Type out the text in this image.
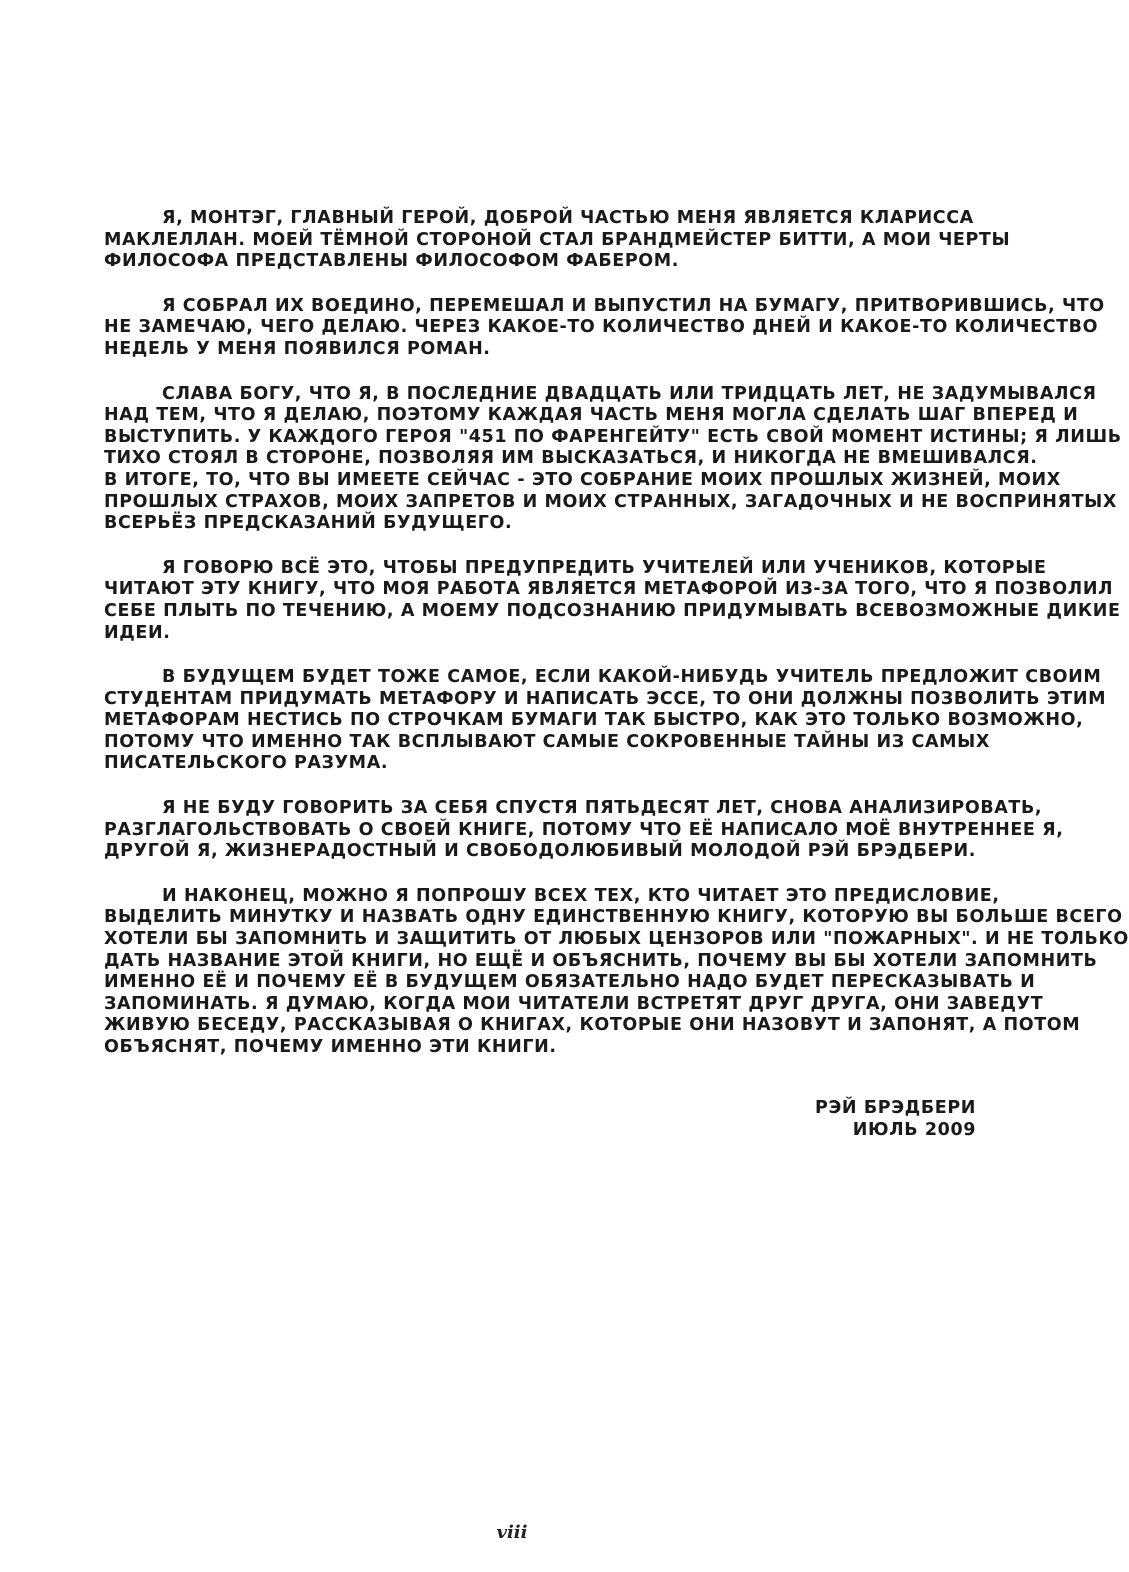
Я, МОНТЭГ, ГЛАВНЫЙ ГЕРОЙ, ДОБРОЙ ЧАСТЬЮ МЕНЯ ЯВЛЯЕТСЯ КЛАРИССА
МАКЛЕЛЛАН. МОЕЙ ТЁМНОЙ СТОРОНОЙ СТАЛ БРАНДМЕЙСТЕР БИТТИ, А МОИ ЧЕРТЫ
ФИЛОСОФА ПРЕДСТАВЛЕНЫ ФИЛОСОФОМ ФАБЕРОМ.
Я СОБРАЛ ИХ ВОЕДИНО, ПЕРЕМЕШАЛ И ВЫПУСТИЛ НА БУМАГУ, ПРИТВОРИВШИСЬ, ЧТО
НЕ ЗАМЕЧАЮ, ЧЕГО ДЕЛАЮ. ЧЕРЕЗ КАКОЕ-ТО КОЛИЧЕСТВО ДНЕЙ И КАКОЕ-ТО КОЛИЧЕСТВО
НЕДЕЛЬ У МЕНЯ ПОЯВИЛСЯ РОМАН.
СЛАВА БОГУ, ЧТО Я, В ПОСЛЕДНИЕ ДВАДЦАТЬ ИЛИ ТРИДЦАТЬ ЛЕТ, НЕ ЗАДУМЫВАЛСЯ
НАД ТЕМ, ЧТО Я ДЕЛАЮ, ПОЭТОМУ КАЖДАЯ ЧАСТЬ МЕНЯ МОГЛА СДЕЛАТЬ ШАГ ВПЕРЕД И
ВЫСТУПИТЬ. У КАЖДОГО ГЕРОЯ "451 ПО ФАРЕНГЕЙТУ" ЕСТЬ СВОЙ МОМЕНТ ИСТИНЫ; Я ЛИШЬ
ТИХО СТОЯЛ В СТОРОНЕ, ПОЗВОЛЯЯ ИМ ВЫСКАЗАТЬСЯ, И НИКОГДА НЕ ВМЕШИВАЛСЯ.
В ИТОГЕ, ТО, ЧТО ВЫ ИМЕЕТЕ СЕЙЧАС - ЭТО СОБРАНИЕ МОИХ ПРОШЛЫХ ЖИЗНЕЙ, МОИХ
ПРОШЛЫХ СТРАХОВ, МОИХ ЗАПРЕТОВ И МОИХ СТРАННЫХ, ЗАГАДОЧНЫХ И НЕ ВОСПРИНЯТЫХ
ВСЕРЬЁЗ ПРЕДСКАЗАНИЙ БУДУЩЕГО.
Я ГОВОРЮ ВСЁ ЭТО, ЧТОБЫ ПРЕДУПРЕДИТЬ УЧИТЕЛЕЙ ИЛИ УЧЕНИКОВ, КОТОРЫЕ
ЧИТАЮТ ЭТУ КНИГУ, ЧТО МОЯ РАБОТА ЯВЛЯЕТСЯ МЕТАФОРОЙ ИЗ-ЗА ТОГО, ЧТО Я ПОЗВОЛИЛ
СЕБЕ ПЛЫТЬ ПО ТЕЧЕНИЮ, А МОЕМУ ПОДСОЗНАНИЮ ПРИДУМЫВАТЬ ВСЕВОЗМОЖНЫЕ ДИКИЕ
ИДЕИ.
В БУДУЩЕМ БУДЕТ ТОЖЕ САМОЕ, ЕСЛИ КАКОЙ-НИБУДЬ УЧИТЕЛЬ ПРЕДЛОЖИТ СВОИМ
СТУДЕНТАМ ПРИДУМАТЬ МЕТАФОРУ И НАПИСАТЬ ЭССЕ, ТО ОНИ ДОЛЖНЫ ПОЗВОЛИТЬ ЭТИМ
МЕТАФОРАМ НЕСТИСЬ ПО СТРОЧКАМ БУМАГИ ТАК БЫСТРО, КАК ЭТО ТОЛЬКО ВОЗМОЖНО,
ПОТОМУ ЧТО ИМЕННО ТАК ВСПЛЫВАЮТ САМЫЕ СОКРОВЕННЫЕ ТАЙНЫ ИЗ САМЫХ
ПИСАТЕЛЬСКОГО РАЗУМА.
Я НЕ БУДУ ГОВОРИТЬ ЗА СЕБЯ СПУСТЯ ПЯТЬДЕСЯТ ЛЕТ, СНОВА АНАЛИЗИРОВАТЬ,
РАЗГЛАГОЛЬСТВОВАТЬ О СВОЕЙ КНИГЕ, ПОТОМУ ЧТО ЕЁ НАПИСАЛО МОЁ ВНУТРЕННЕЕ Я,
ДРУГОЙ Я, ЖИЗНЕРАДОСТНЫЙ И СВОБОДОЛЮБИВЫЙ МОЛОДОЙ РЭЙ БРЭДБЕРИ.
И НАКОНЕЦ, МОЖНО Я ПОПРОШУ ВСЕХ ТЕХ, КТО ЧИТАЕТ ЭТО ПРЕДИСЛОВИЕ,
ВЫДЕЛИТЬ МИНУТКУ И НАЗВАТЬ ОДНУ ЕДИНСТВЕННУЮ КНИГУ, КОТОРУЮ ВЫ БОЛЬШЕ ВСЕГО
ХОТЕЛИ БЫ ЗАПОМНИТЬ И ЗАЩИТИТЬ ОТ ЛЮБЫХ ЦЕНЗОРОВ ИЛИ "ПОЖАРНЫХ". И НЕ ТОЛЬКО
ДАТЬ НАЗВАНИЕ ЭТОЙ КНИГИ, НО ЕЩЁ И ОБЪЯСНИТЬ, ПОЧЕМУ ВЫ БЫ ХОТЕЛИ ЗАПОМНИТЬ
ИМЕННО ЕЁ И ПОЧЕМУ ЕЁ В БУДУЩЕМ ОБЯЗАТЕЛЬНО НАДО БУДЕТ ПЕРЕСКАЗЫВАТЬ И
ЗАПОМИНАТЬ. Я ДУМАЮ, КОГДА МОИ ЧИТАТЕЛИ ВСТРЕТЯТ ДРУГ ДРУГА, ОНИ ЗАВЕДУТ
ЖИВУЮ БЕСЕДУ, РАССКАЗЫВАЯ О КНИГАХ, КОТОРЫЕ ОНИ НАЗОВУТ И ЗАПОНЯТ, А ПОТОМ
ОБЪЯСНЯТ, ПОЧЕМУ ИМЕННО ЭТИ КНИГИ.
РЭЙ БРЭДБЕРИ
ИЮЛЬ 2009
viii
